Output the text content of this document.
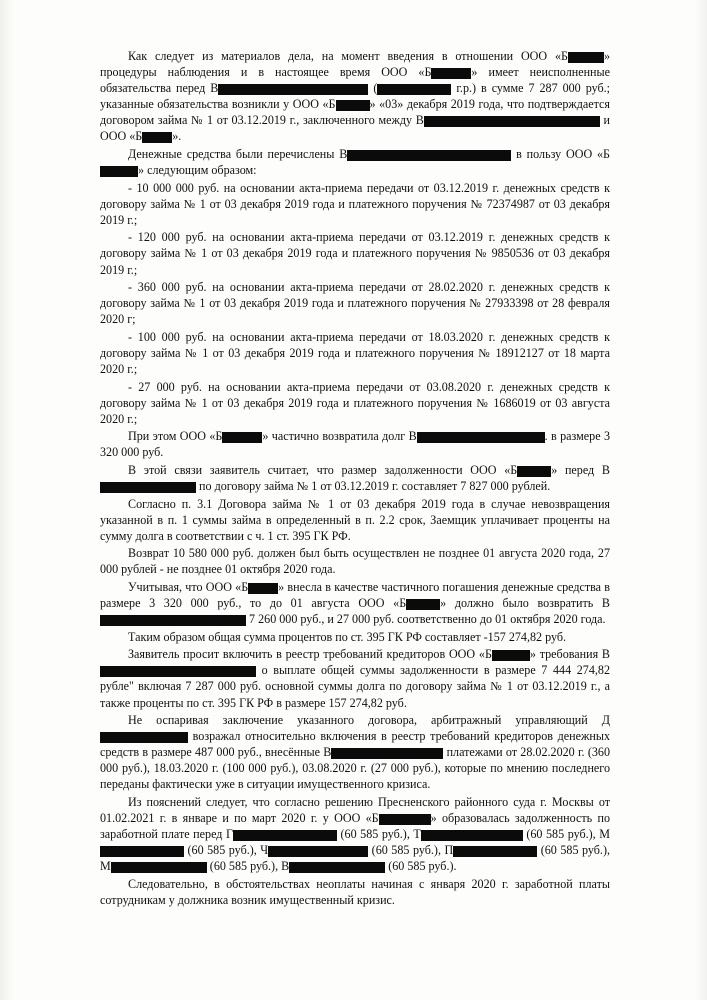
Как следует из материалов дела, на момент введения в отношении ООО «Б	» процедуры наблюдения и в настоящее время ООО «Б	» имеет неисполненные обязательства перед В	(	г.р.) в сумме 7 287 000 руб.; указанные обязательства возникли у ООО «Б	» «03» декабря 2019 года, что подтверждается договором займа № 1 от 03.12.2019 г., заключенного между В	и ООО «Б ».

Денежные средства были перечислены В	в пользу ООО «Б» следующим образом:

- 10 000 000 руб. на основании акта-приема передачи от 03.12.2019 г. денежных средств к договору займа № 1 от 03 декабря 2019 года и платежного поручения № 72374987 от 03 декабря 2019 г.;

- 120 000 руб. на основании акта-приема передачи от 03.12.2019 г. денежных средств к договору займа № 1 от 03 декабря 2019 года и платежного поручения № 9850536 от 03 декабря 2019 г.;

- 360 000 руб. на основании акта-приема передачи от 28.02.2020 г. денежных средств к договору займа № 1 от 03 декабря 2019 года и платежного поручения № 27933398 от 28 февраля 2020 г;

- 100 000 руб. на основании акта-приема передачи от 18.03.2020 г. денежных средств к договору займа № 1 от 03 декабря 2019 года и платежного поручения № 18912127 от 18 марта 2020 г.;

- 27 000 руб. на основании акта-приема передачи от 03.08.2020 г. денежных средств к договору займа № 1 от 03 декабря 2019 года и платежного поручения № 1686019 от 03 августа 2020 г.;

При этом ООО «Б	» частично возвратила долг В	. в размере 3 320 000 руб.

В этой связи заявитель считает, что размер задолженности ООО «Б	» перед В по договору займа № 1 от 03.12.2019 г. составляет 7 827 000 рублей.

Согласно п. 3.1 Договора займа № 1 от 03 декабря 2019 года в случае невозвращения указанной в п. 1 суммы займа в определенный в п. 2.2 срок, Заемщик уплачивает проценты на сумму долга в соответствии с ч. 1 ст. 395 ГК РФ.

Возврат 10 580 000 руб. должен был быть осуществлен не позднее 01 августа 2020 года, 27 000 рублей - не позднее 01 октября 2020 года.

Учитывая, что ООО «Б » внесла в качестве частичного погашения денежные средства в размере 3 320 000 руб., то до 01 августа ООО «Б	» должно было возвратить В 7 260 000 руб., и 27 000 руб. соответственно до 01 октября 2020 года.

Таким образом общая сумма процентов по ст. 395 ГК РФ составляет -157 274,82 руб.

Заявитель просит включить в реестр требований кредиторов ООО «Б	» требования В о выплате общей суммы задолженности в размере 7 444 274,82 рубле" включая 7 287 000 руб. основной суммы долга по договору займа № 1 от 03.12.2019 г., а также проценты по ст. 395 ГК РФ в размере 157 274,82 руб.

Не оспаривая заключение указанного договора, арбитражный управляющий Д возражал относительно включения в реестр требований кредиторов денежных средств в размере 487 000 руб., внесённые В	платежами от 28.02.2020 г. (360 000 руб.), 18.03.2020 г. (100 000 руб.), 03.08.2020 г. (27 000 руб.), которые по мнению последнего переданы фактически уже в ситуации имущественного кризиса.

Из пояснений следует, что согласно решению Пресненского районного суда г. Москвы от 01.02.2021 г. в январе и по март 2020 г. у ООО «Б	» образовалась задолженность по заработной плате перед Г	(60 585 руб.), Т	(60 585 руб.), М (60 585 руб.), Ч	(60 585 руб.), П	(60 585 руб.), М	(60 585 руб.), В	(60 585 руб.).

Следовательно, в обстоятельствах неоплаты начиная с января 2020 г. заработной платы сотрудникам у должника возник имущественный кризис.
